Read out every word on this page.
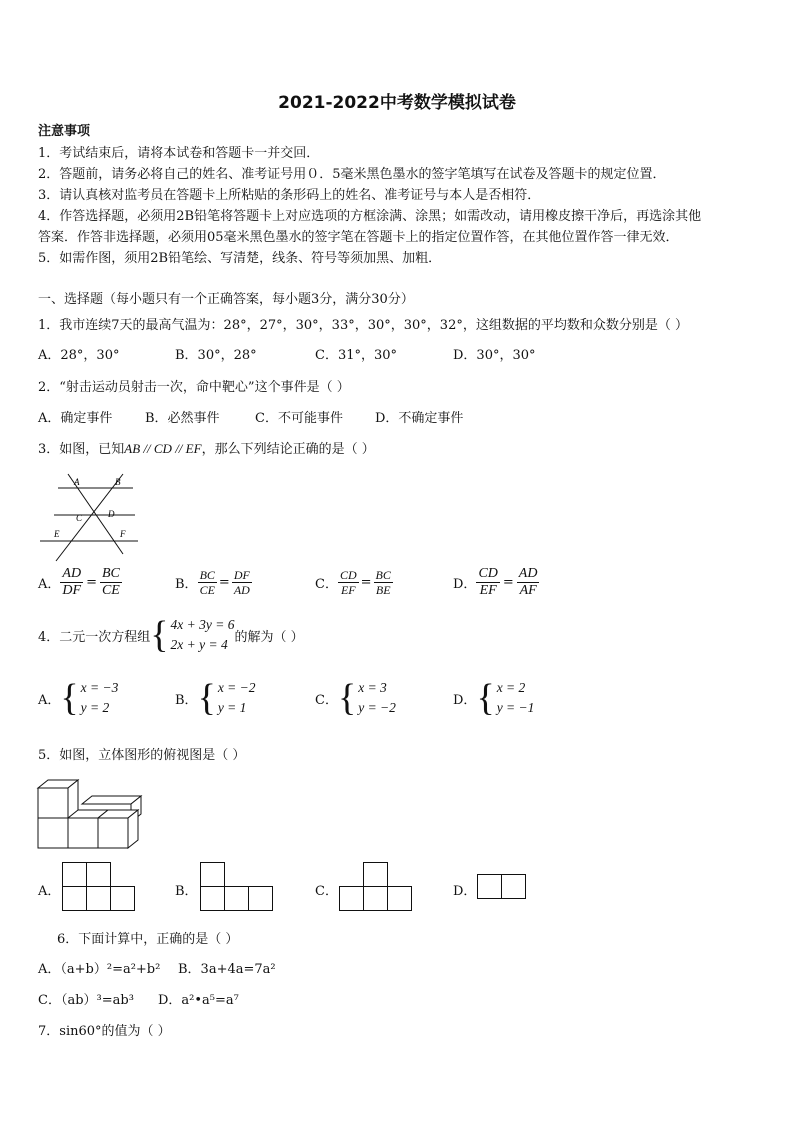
2021-2022中考数学模拟试卷
注意事项
1．考试结束后，请将本试卷和答题卡一并交回．
2．答题前，请务必将自己的姓名、准考证号用０．5毫米黑色墨水的签字笔填写在试卷及答题卡的规定位置．
3．请认真核对监考员在答题卡上所粘贴的条形码上的姓名、准考证号与本人是否相符．
4．作答选择题，必须用2B铅笔将答题卡上对应选项的方框涂满、涂黑；如需改动，请用橡皮擦干净后，再选涂其他
答案．作答非选择题，必须用05毫米黑色墨水的签字笔在答题卡上的指定位置作答，在其他位置作答一律无效．
5．如需作图，须用2B铅笔绘、写清楚，线条、符号等须加黑、加粗．
一、选择题（每小题只有一个正确答案，每小题3分，满分30分）
1．我市连续7天的最高气温为：28°，27°，30°，33°，30°，30°，32°，这组数据的平均数和众数分别是（ ）
A．28°，30°	B．30°，28°	C．31°，30°	D．30°，30°
2．“射击运动员射击一次，命中靶心”这个事件是（ ）
A．确定事件	B．必然事件	C．不可能事件 D．不确定事件
3．如图，已知AB // CD // EF，那么下列结论正确的是（ ）
A	B
C	D
E	F
A． $\frac{AD}{DF} = \frac{BC}{CE}$	B． $\frac{BC}{CE} = \frac{DF}{AD}$	C． $\frac{CD}{EF} = \frac{BC}{BE}$	D． $\frac{CD}{EF} = \frac{AD}{AF}$
4．二元一次方程组 { 4x + 3y = 6
2x + y = 4 的解为（ ）
A． { x = −3
y = 2	B． { x = −2
y = 1	C． { x = 3
y = −2	D． { x = 2
y = −1
5．如图，立体图形的俯视图是（ ）
A．	B．	C．	D．
6．下面计算中，正确的是（ ）
A．（a+b）²=a²+b² B．3a+4a=7a²
C．（ab）³=ab³ D．a²•a⁵=a⁷
7．sin60°的值为（ ）
